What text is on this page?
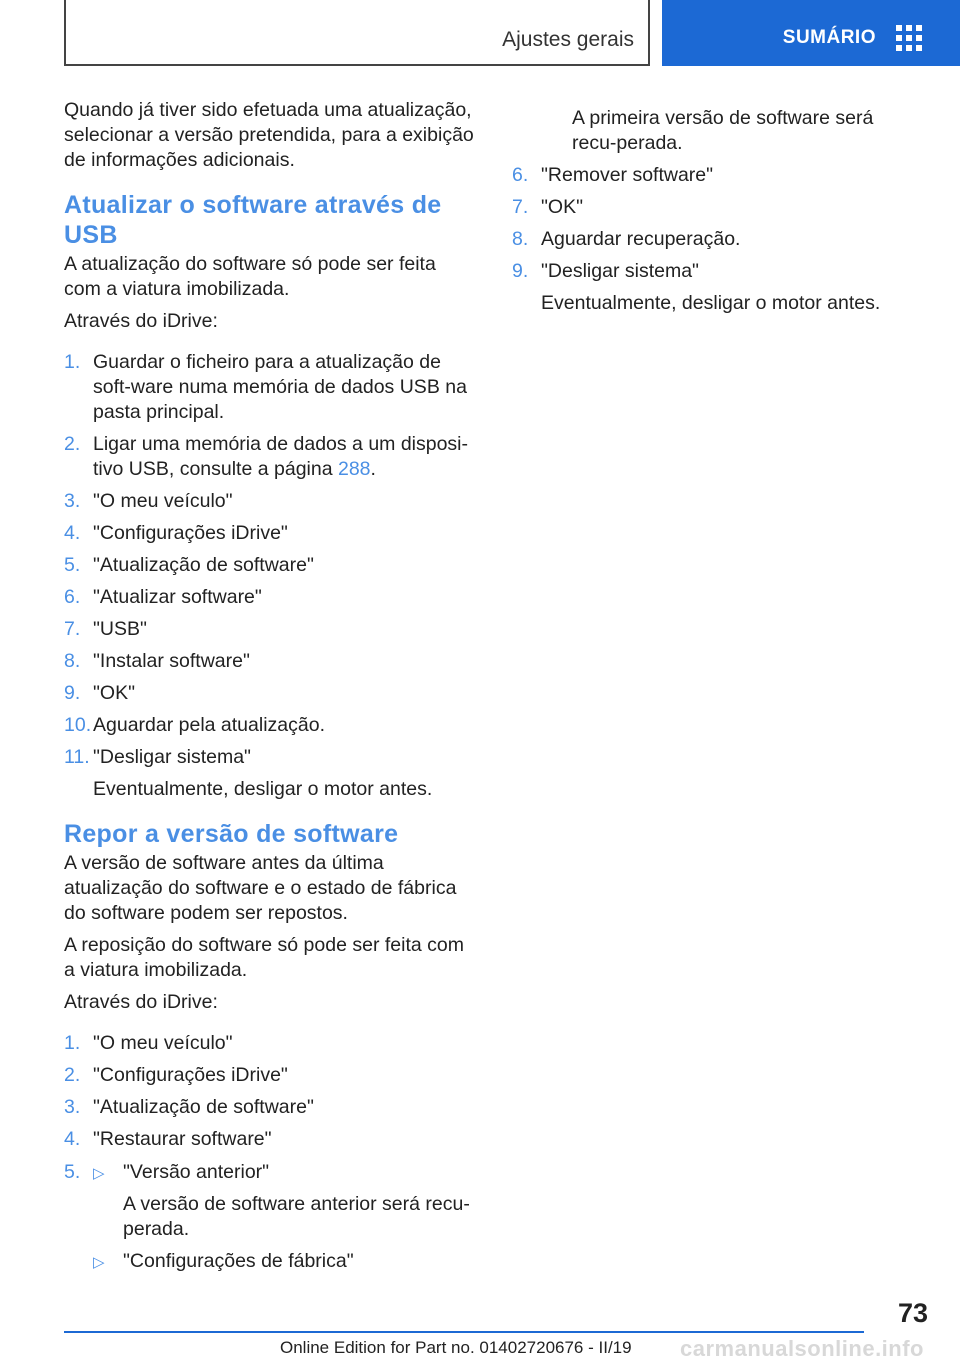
Ajustes gerais	SUMÁRIO

Quando já tiver sido efetuada uma atualização, selecionar a versão pretendida, para a exibição de informações adicionais.

Atualizar o software através de USB

A atualização do software só pode ser feita com a viatura imobilizada.

Através do iDrive:

1. Guardar o ficheiro para a atualização de soft‐ware numa memória de dados USB na pasta principal.
2. Ligar uma memória de dados a um disposi‐tivo USB, consulte a página 288.
3. "O meu veículo"
4. "Configurações iDrive"
5. "Atualização de software"
6. "Atualizar software"
7. "USB"
8. "Instalar software"
9. "OK"
10. Aguardar pela atualização.
11. "Desligar sistema"
Eventualmente, desligar o motor antes.
Repor a versão de software

A versão de software antes da última atualização do software e o estado de fábrica do software podem ser repostos.

A reposição do software só pode ser feita com a viatura imobilizada.

Através do iDrive:

1. "O meu veículo"
2. "Configurações iDrive"
3. "Atualização de software"
4. "Restaurar software"
5. ▷ "Versão anterior"
A versão de software anterior será recu‐perada.
▷ "Configurações de fábrica"

A primeira versão de software será recu‐perada.

6. "Remover software"
7. "OK"
8. Aguardar recuperação.
9. "Desligar sistema"
Eventualmente, desligar o motor antes.
73
Online Edition for Part no. 01402720676 - II/19 carmanualsonline.info
